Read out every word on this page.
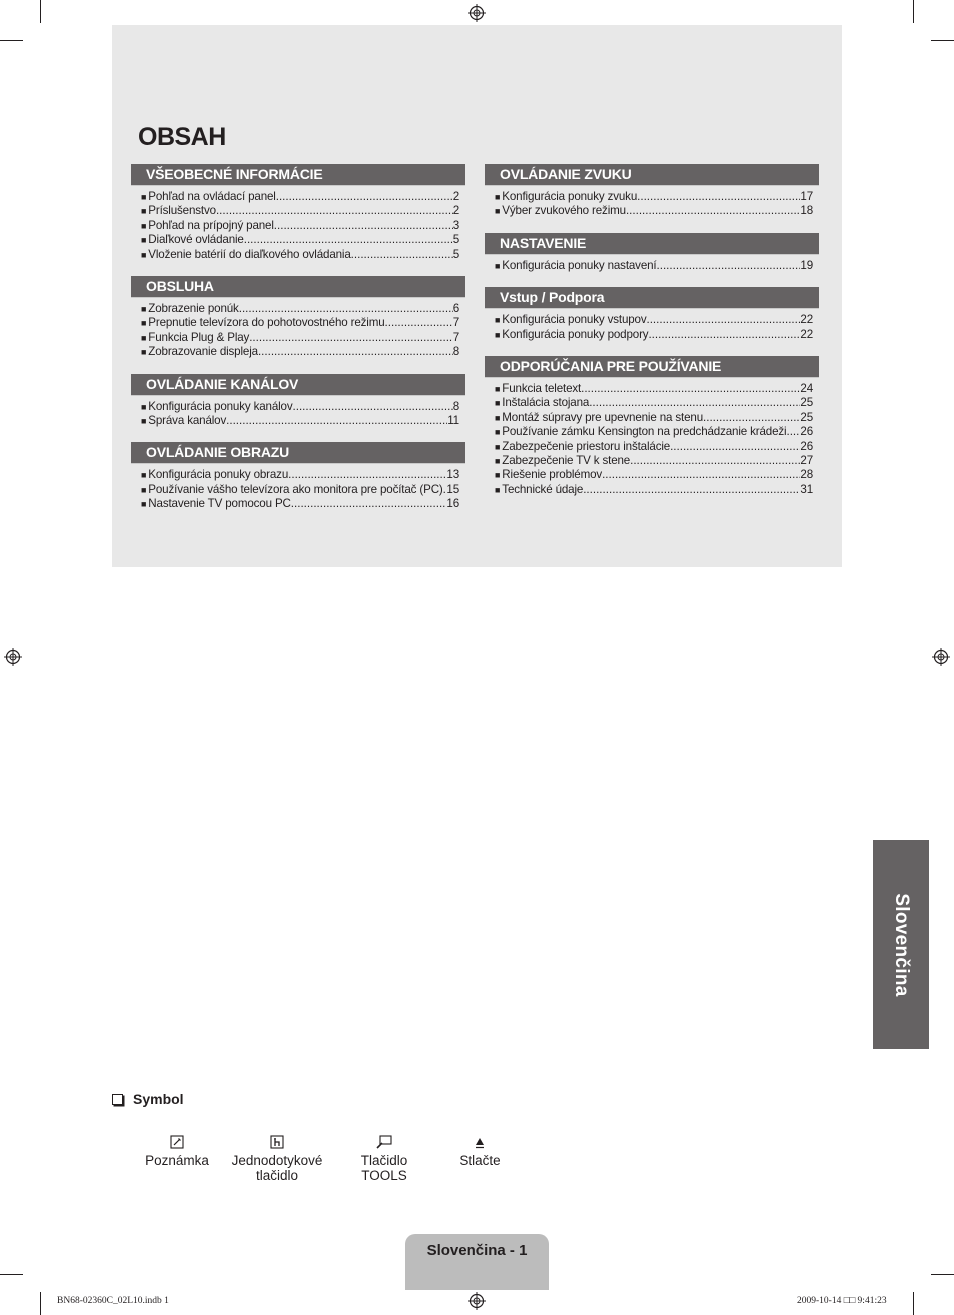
OBSAH
VŠEOBECNÉ INFORMÁCIE
■ Pohľad na ovládací panel .....	2
■ Príslušenstvo .....	2
■ Pohľad na prípojný panel .....	3
■ Diaľkové ovládanie .....	5
■ Vloženie batérií do diaľkového ovládania .....	5
OBSLUHA
■ Zobrazenie ponúk .....	6
■ Prepnutie televízora do pohotovostného režimu .....	7
■ Funkcia Plug & Play .....	7
■ Zobrazovanie displeja .....	8
OVLÁDANIE KANÁLOV
■ Konfigurácia ponuky kanálov .....	8
■ Správa kanálov .....	11
OVLÁDANIE OBRAZU
■ Konfigurácia ponuky obrazu .....	13
■ Používanie vášho televízora ako monitora pre počítač (PC) ..... 15
■ Nastavenie TV pomocou PC .....	16
OVLÁDANIE ZVUKU
■ Konfigurácia ponuky zvuku .....	17
■ Výber zvukového režimu .....	18
NASTAVENIE
■ Konfigurácia ponuky nastavení .....	19
Vstup / Podpora
■ Konfigurácia ponuky vstupov .....	22
■ Konfigurácia ponuky podpory .....	22
ODPORÚČANIA PRE POUŽÍVANIE
■ Funkcia teletext .....	24
■ Inštalácia stojana .....	25
■ Montáž súpravy pre upevnenie na stenu .....	25
■ Používanie zámku Kensington na predchádzanie krádeži ..... 26
■ Zabezpečenie priestoru inštalácie .....	26
■ Zabezpečenie TV k stene .....	27
■ Riešenie problémov .....	28
■ Technické údaje .....	31
Slovenčina
Symbol
Poznámka	Jednodotykové
tlačidlo
Tlačidlo
TOOLS
Stlačte
Slovenčina - 1
BN68-02360C_02L10.indb 1	2009-10-14 □□ 9:41:23
